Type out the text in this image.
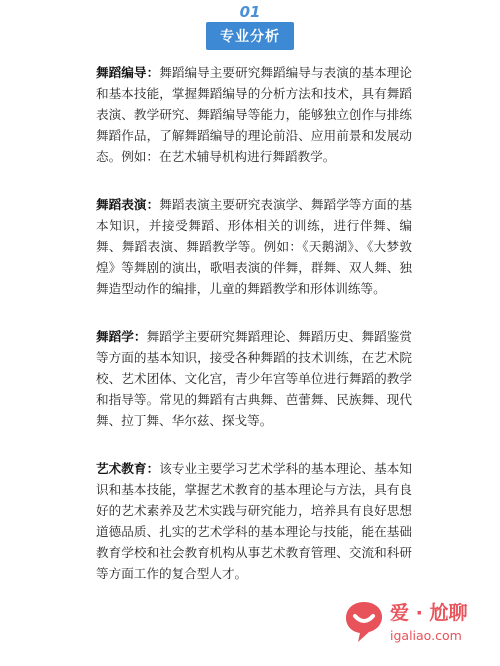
01
专业分析

舞蹈编导：舞蹈编导主要研究舞蹈编导与表演的基本理论和基本技能，掌握舞蹈编导的分析方法和技术，具有舞蹈表演、教学研究、舞蹈编导等能力，能够独立创作与排练舞蹈作品，了解舞蹈编导的理论前沿、应用前景和发展动态。例如：在艺术辅导机构进行舞蹈教学。

舞蹈表演：舞蹈表演主要研究表演学、舞蹈学等方面的基本知识，并接受舞蹈、形体相关的训练，进行伴舞、编舞、舞蹈表演、舞蹈教学等。例如：《天鹅湖》、《大梦敦煌》等舞剧的演出，歌唱表演的伴舞，群舞、双人舞、独舞造型动作的编排，儿童的舞蹈教学和形体训练等。

舞蹈学：舞蹈学主要研究舞蹈理论、舞蹈历史、舞蹈鉴赏等方面的基本知识，接受各种舞蹈的技术训练，在艺术院校、艺术团体、文化宫，青少年宫等单位进行舞蹈的教学和指导等。常见的舞蹈有古典舞、芭蕾舞、民族舞、现代舞、拉丁舞、华尔兹、探戈等。

艺术教育：该专业主要学习艺术学科的基本理论、基本知识和基本技能，掌握艺术教育的基本理论与方法，具有良好的艺术素养及艺术实践与研究能力，培养具有良好思想道德品质、扎实的艺术学科的基本理论与技能，能在基础教育学校和社会教育机构从事艺术教育管理、交流和科研等方面工作的复合型人才。

爱 · 尬聊
igaliao.com
